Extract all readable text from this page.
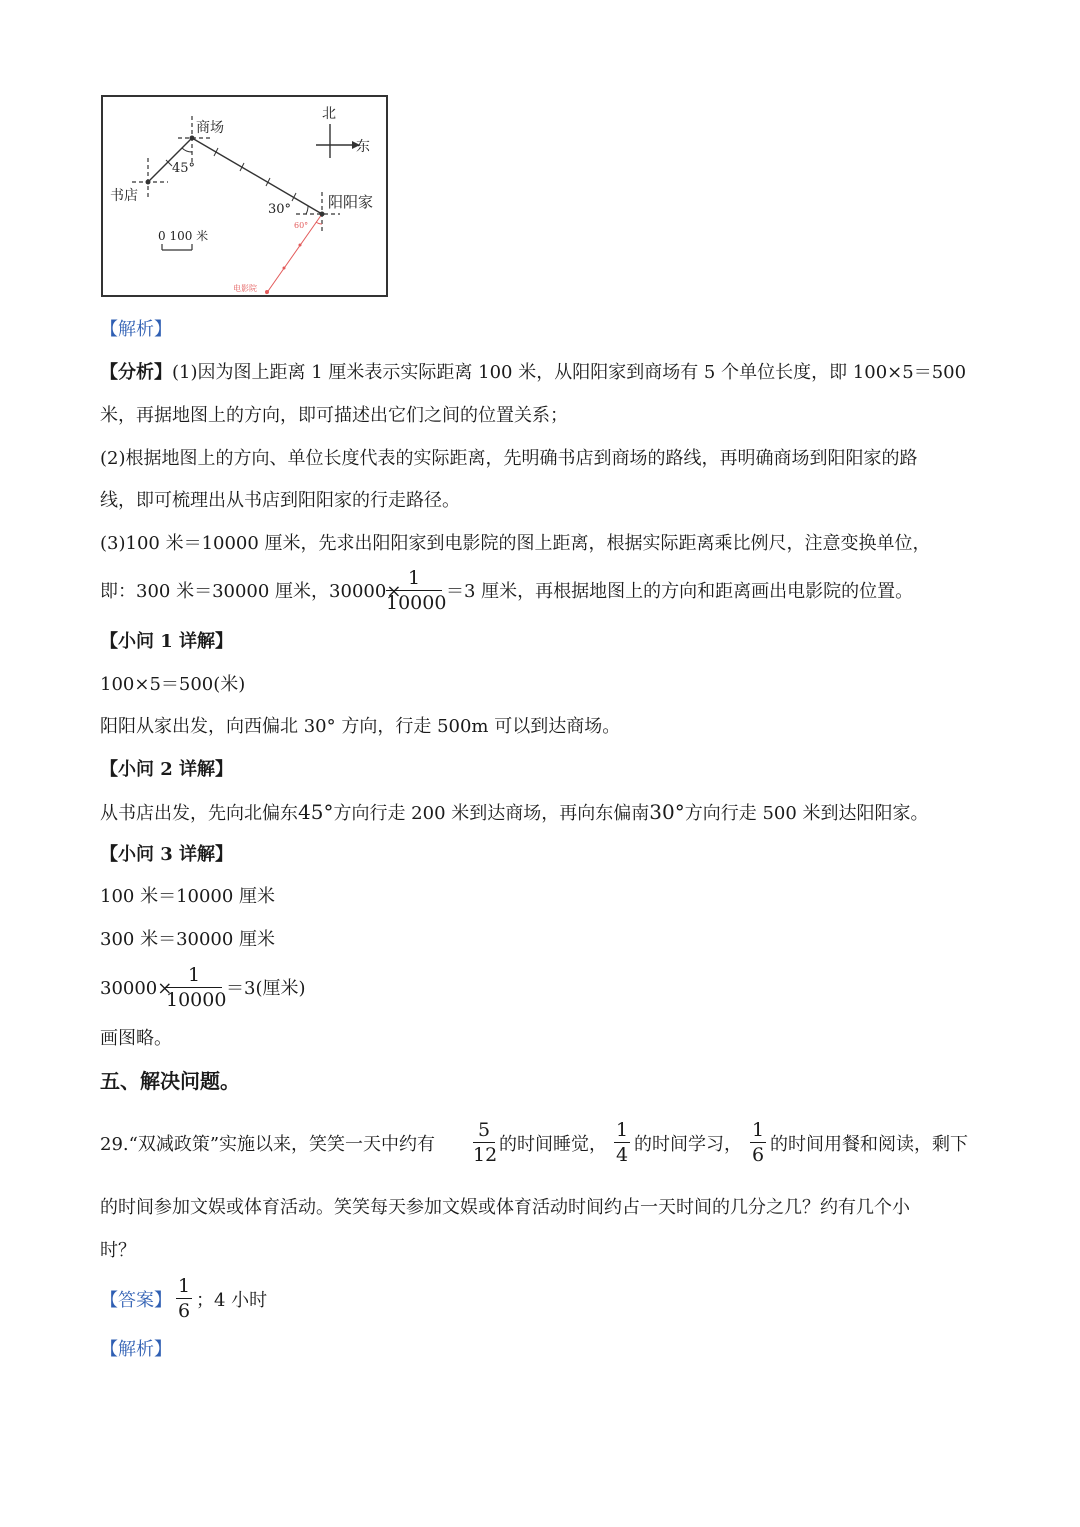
商场
书店	阳阳家
电影院
北
东
45°
30°
60°
0 100 米
【解析】
【分析】(1)因为图上距离 1 厘米表示实际距离 100 米，从阳阳家到商场有 5 个单位长度，即 100×5＝500
米，再据地图上的方向，即可描述出它们之间的位置关系；
(2)根据地图上的方向、单位长度代表的实际距离，先明确书店到商场的路线，再明确商场到阳阳家的路
线，即可梳理出从书店到阳阳家的行走路径。
(3)100 米＝10000 厘米，先求出阳阳家到电影院的图上距离，根据实际距离乘比例尺，注意变换单位，
即：300 米＝30000 厘米，30000×
1
10000
＝3 厘米，再根据地图上的方向和距离画出电影院的位置。
【小问 1 详解】
100×5＝500(米)
阳阳从家出发，向西偏北 30° 方向，行走 500m 可以到达商场。
【小问 2 详解】
从书店出发，先向北偏东45°方向行走 200 米到达商场，再向东偏南30°方向行走 500 米到达阳阳家。
【小问 3 详解】
100 米＝10000 厘米
300 米＝30000 厘米
30000×
1
10000
＝3(厘米)
画图略。
五、解决问题。
29.“双减政策”实施以来，笑笑一天中约有
5
12 的时间睡觉，
1
4 的时间学习，
1
6 的时间用餐和阅读，剩下
的时间参加文娱或体育活动。笑笑每天参加文娱或体育活动时间约占一天时间的几分之几？约有几个小
时？
【答案】
1
6 ；4 小时
【解析】
